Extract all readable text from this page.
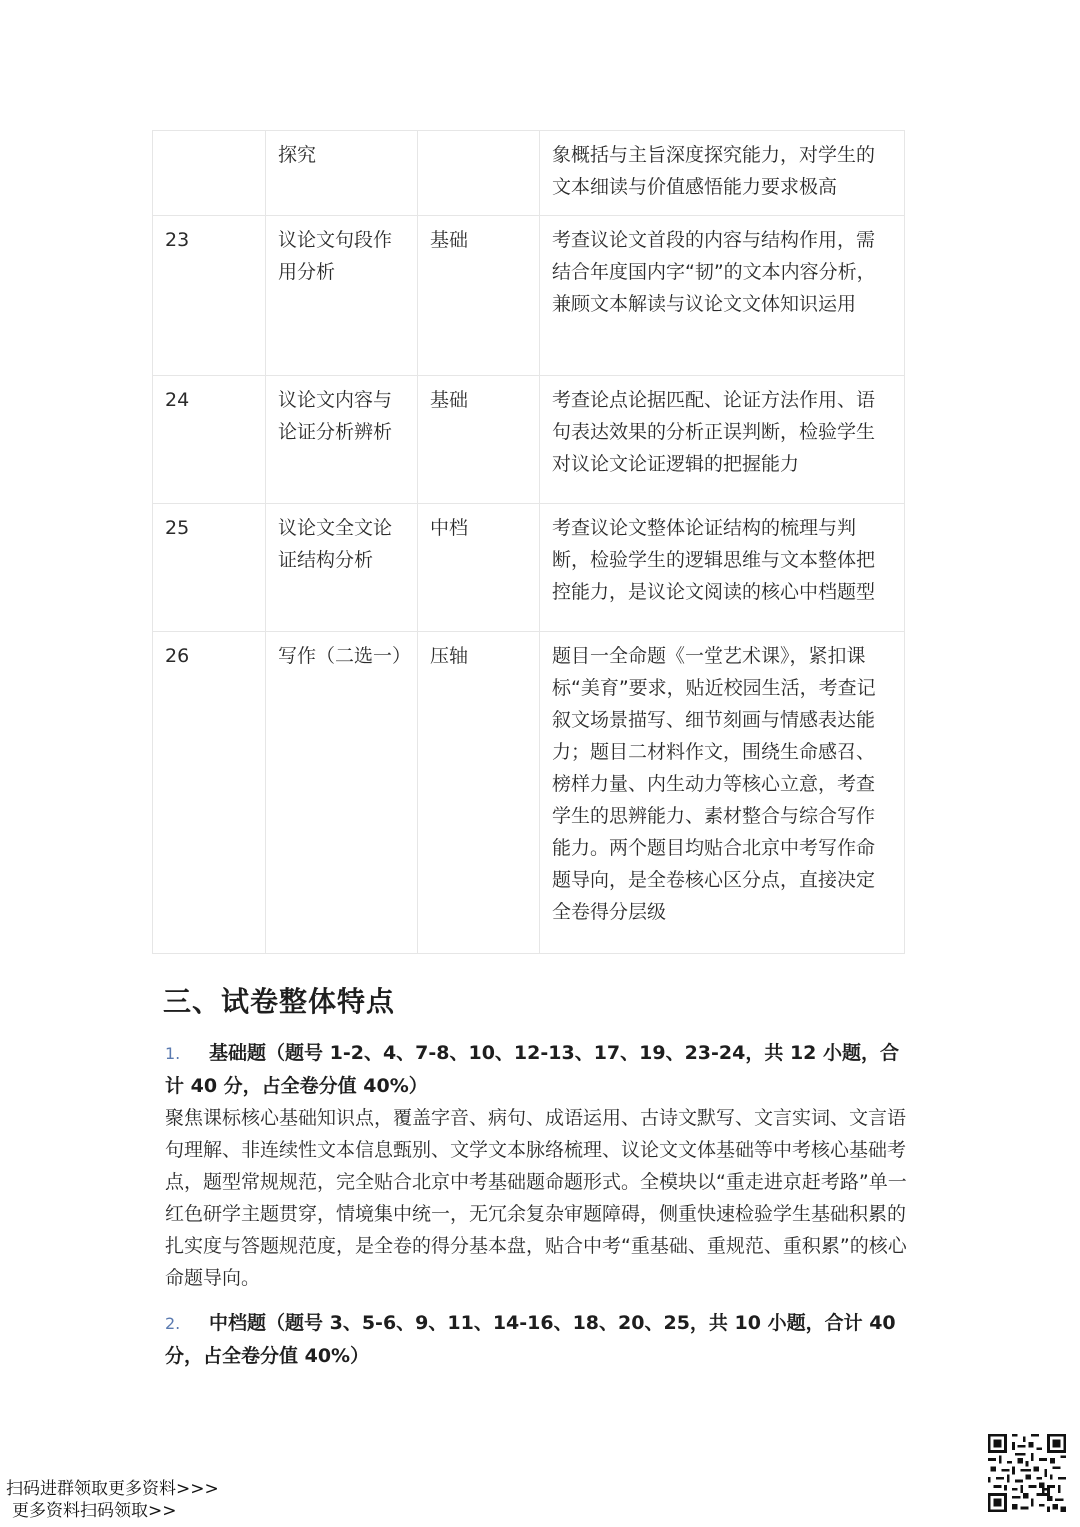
	探究		象概括与主旨深度探究能力，对学生的文本细读与价值感悟能力要求极高
23	议论文句段作用分析	基础	考查议论文首段的内容与结构作用，需结合年度国内字“韧”的文本内容分析，兼顾文本解读与议论文文体知识运用
24	议论文内容与论证分析辨析	基础	考查论点论据匹配、论证方法作用、语句表达效果的分析正误判断，检验学生对议论文论证逻辑的把握能力
25	议论文全文论证结构分析	中档	考查议论文整体论证结构的梳理与判断，检验学生的逻辑思维与文本整体把控能力，是议论文阅读的核心中档题型
26	写作（二选一）	压轴	题目一全命题《一堂艺术课》，紧扣课标“美育”要求，贴近校园生活，考查记叙文场景描写、细节刻画与情感表达能力；题目二材料作文，围绕生命感召、榜样力量、内生动力等核心立意，考查学生的思辨能力、素材整合与综合写作能力。两个题目均贴合北京中考写作命题导向，是全卷核心区分点，直接决定全卷得分层级
三、试卷整体特点
1. 基础题（题号 1-2、4、7-8、10、12-13、17、19、23-24，共 12 小题，合计 40 分，占全卷分值 40%）
聚焦课标核心基础知识点，覆盖字音、病句、成语运用、古诗文默写、文言实词、文言语句理解、非连续性文本信息甄别、文学文本脉络梳理、议论文文体基础等中考核心基础考点，题型常规规范，完全贴合北京中考基础题命题形式。全模块以“重走进京赶考路”单一红色研学主题贯穿，情境集中统一，无冗余复杂审题障碍，侧重快速检验学生基础积累的扎实度与答题规范度，是全卷的得分基本盘，贴合中考“重基础、重规范、重积累”的核心命题导向。
2. 中档题（题号 3、5-6、9、11、14-16、18、20、25，共 10 小题，合计 40 分，占全卷分值 40%）
扫码进群领取更多资料>>>
更多资料扫码领取>>
